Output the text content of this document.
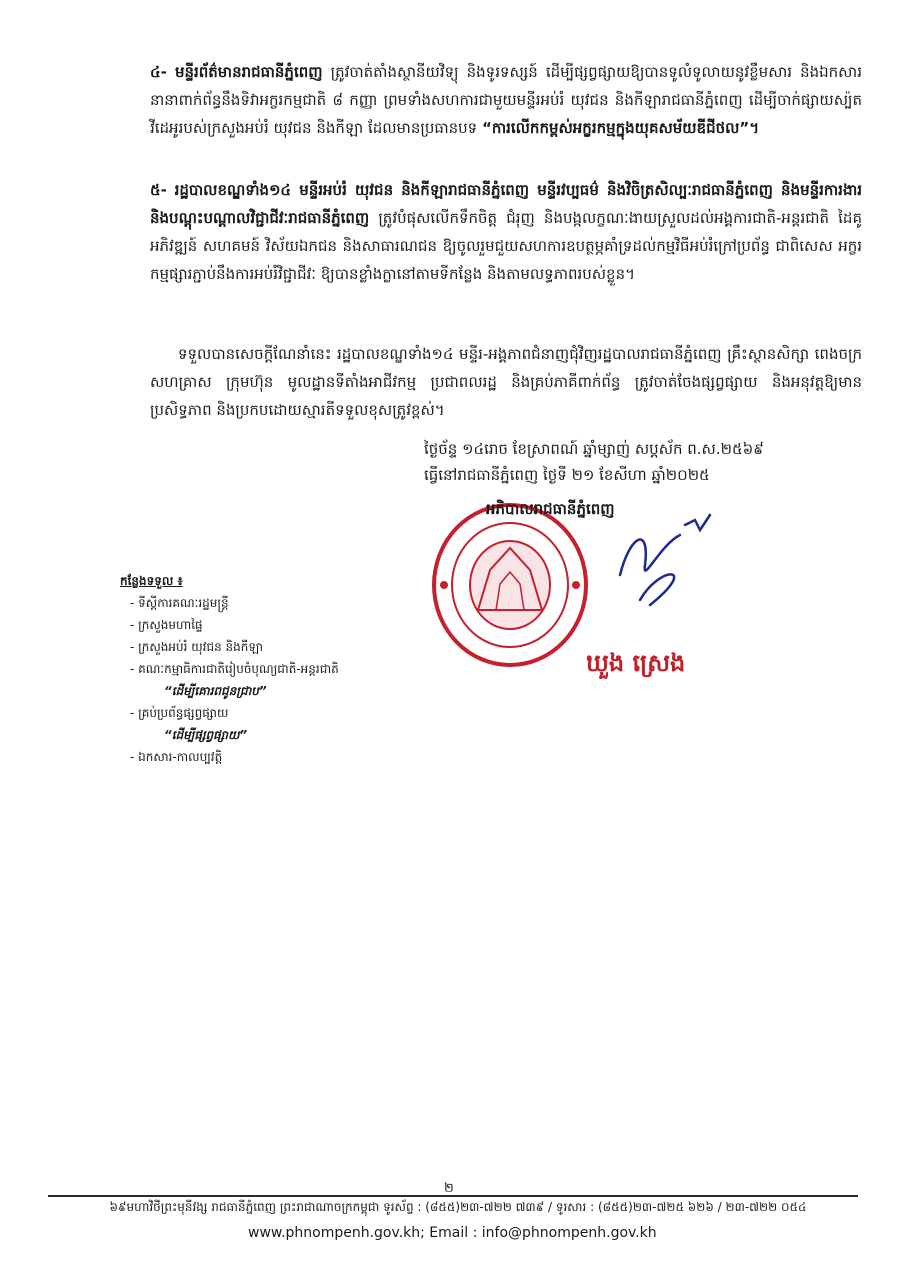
៤- មន្ទីរព័ត៌មានរាជធានីភ្នំពេញ ត្រូវចាត់តាំងស្ថានីយវិទ្យុ និងទូរទស្សន៍ ដើម្បីផ្សព្វផ្សាយឱ្យបានទូលំទូលាយនូវខ្លឹមសារ និងឯកសារនានាពាក់ព័ន្ធនឹងទិវាអក្ខរកម្មជាតិ ៨ កញ្ញា ព្រមទាំងសហការជាមួយមន្ទីរអប់រំ យុវជន និងកីឡារាជធានីភ្នំពេញ ដើម្បីចាក់ផ្សាយស្ប៉តវីដេអូរបស់ក្រសួងអប់រំ យុវជន និងកីឡា ដែលមានប្រធានបទ “ការលើកកម្ពស់អក្ខរកម្មក្នុងយុគសម័យឌីជីថល”។
៥- រដ្ឋបាលខណ្ឌទាំង១៤ មន្ទីរអប់រំ យុវជន និងកីឡារាជធានីភ្នំពេញ មន្ទីរវប្បធម៌ និងវិចិត្រសិល្បៈរាជធានីភ្នំពេញ និងមន្ទីរការងារ និងបណ្តុះបណ្តាលវិជ្ជាជីវៈរាជធានីភ្នំពេញ ត្រូវបំផុសលើកទឹកចិត្ត ជំរុញ និងបង្កលក្ខណៈងាយស្រួលដល់អង្គការជាតិ-អន្តរជាតិ ដៃគូអភិវឌ្ឍន៍ សហគមន៍ វិស័យឯកជន និងសាធារណជន ឱ្យចូលរួមជួយសហការឧបត្ថម្ភគាំទ្រដល់កម្មវិធីអប់រំក្រៅប្រព័ន្ធ ជាពិសេស អក្ខរកម្មផ្សារភ្ជាប់នឹងការអប់រំវិជ្ជាជីវៈ ឱ្យបានខ្លាំងក្លានៅតាមទីកន្លែង និងតាមលទ្ធភាពរបស់ខ្លួន។
ទទួលបានសេចក្តីណែនាំនេះ រដ្ឋបាលខណ្ឌទាំង១៤ មន្ទីរ-អង្គភាពជំនាញជុំវិញរដ្ឋបាលរាជធានីភ្នំពេញ គ្រឹះស្ថានសិក្សា ពេងចក្រ សហគ្រាស ក្រុមហ៊ុន មូលដ្ឋានទីតាំងអាជីវកម្ម ប្រជាពលរដ្ឋ និងគ្រប់ភាគីពាក់ព័ន្ធ ត្រូវចាត់ចែងផ្សព្វផ្សាយ និងអនុវត្តឱ្យមានប្រសិទ្ធភាព និងប្រកបដោយស្មារតីទទួលខុសត្រូវខ្ពស់។
ថ្ងៃច័ន្ទ ១៤រោច ខែស្រាពណ៍ ឆ្នាំម្សាញ់ សប្តស័ក ព.ស.២៥៦៩
ធ្វើនៅរាជធានីភ្នំពេញ ថ្ងៃទី ២១ ខែសីហា ឆ្នាំ២០២៥
អភិបាលរាជធានីភ្នំពេញ
ឃួង ស្រេង
កន្លែងទទួល ៖
- ទីស្តីការគណៈរដ្ឋមន្ត្រី
- ក្រសួងមហាផ្ទៃ
- ក្រសួងអប់រំ យុវជន និងកីឡា
- គណៈកម្មាធិការជាតិរៀបចំបុណ្យជាតិ-អន្តរជាតិ
“ដើម្បីគោរពជូនជ្រាប”
- គ្រប់ប្រព័ន្ធផ្សព្វផ្សាយ
“ដើម្បីផ្សព្វផ្សាយ”
- ឯកសារ-កាលប្បវត្តិ
២
៦៩មហាវិថីព្រះមុនីវង្ស រាជធានីភ្នំពេញ ព្រះរាជាណាចក្រកម្ពុជា ទូរស័ព្ទ : (៨៥៥)២៣-៧២២ ៧៣៩ / ទូរសារ : (៨៥៥)២៣-៧២៥ ៦២៦ / ២៣-៧២២ ០៥៤
www.phnompenh.gov.kh; Email : info@phnompenh.gov.kh
